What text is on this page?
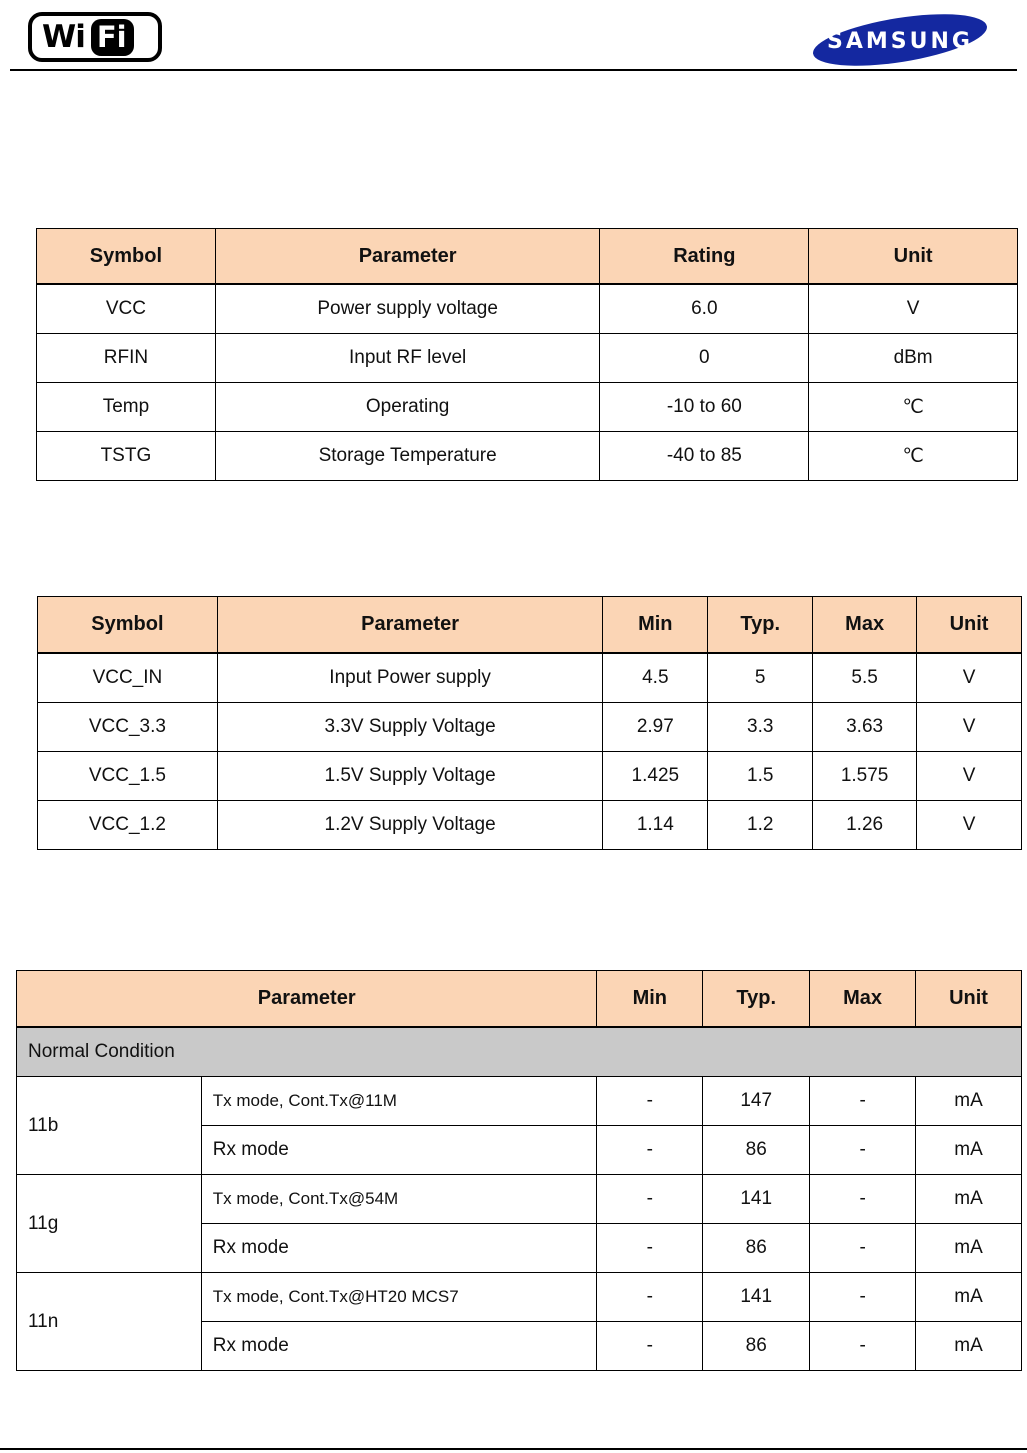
Wi Fi	SAMSUNG
Symbol	Parameter	Rating	Unit
VCC	Power supply voltage	6.0	V
RFIN	Input RF level	0	dBm
Temp	Operating	-10 to 60	℃
TSTG	Storage Temperature	-40 to 85	℃
Symbol	Parameter	Min	Typ.	Max	Unit
VCC_IN	Input Power supply	4.5	5	5.5	V
VCC_3.3	3.3V Supply Voltage	2.97	3.3	3.63	V
VCC_1.5	1.5V Supply Voltage	1.425	1.5	1.575	V
VCC_1.2	1.2V Supply Voltage	1.14	1.2	1.26	V
Parameter		Min	Typ.	Max	Unit
Normal Condition					
11b	Tx mode, Cont.Tx@11M	-	147	-	mA
	Rx mode	-	86	-	mA
11g	Tx mode, Cont.Tx@54M	-	141	-	mA
	Rx mode	-	86	-	mA
11n	Tx mode, Cont.Tx@HT20 MCS7	-	141	-	mA
	Rx mode	-	86	-	mA
